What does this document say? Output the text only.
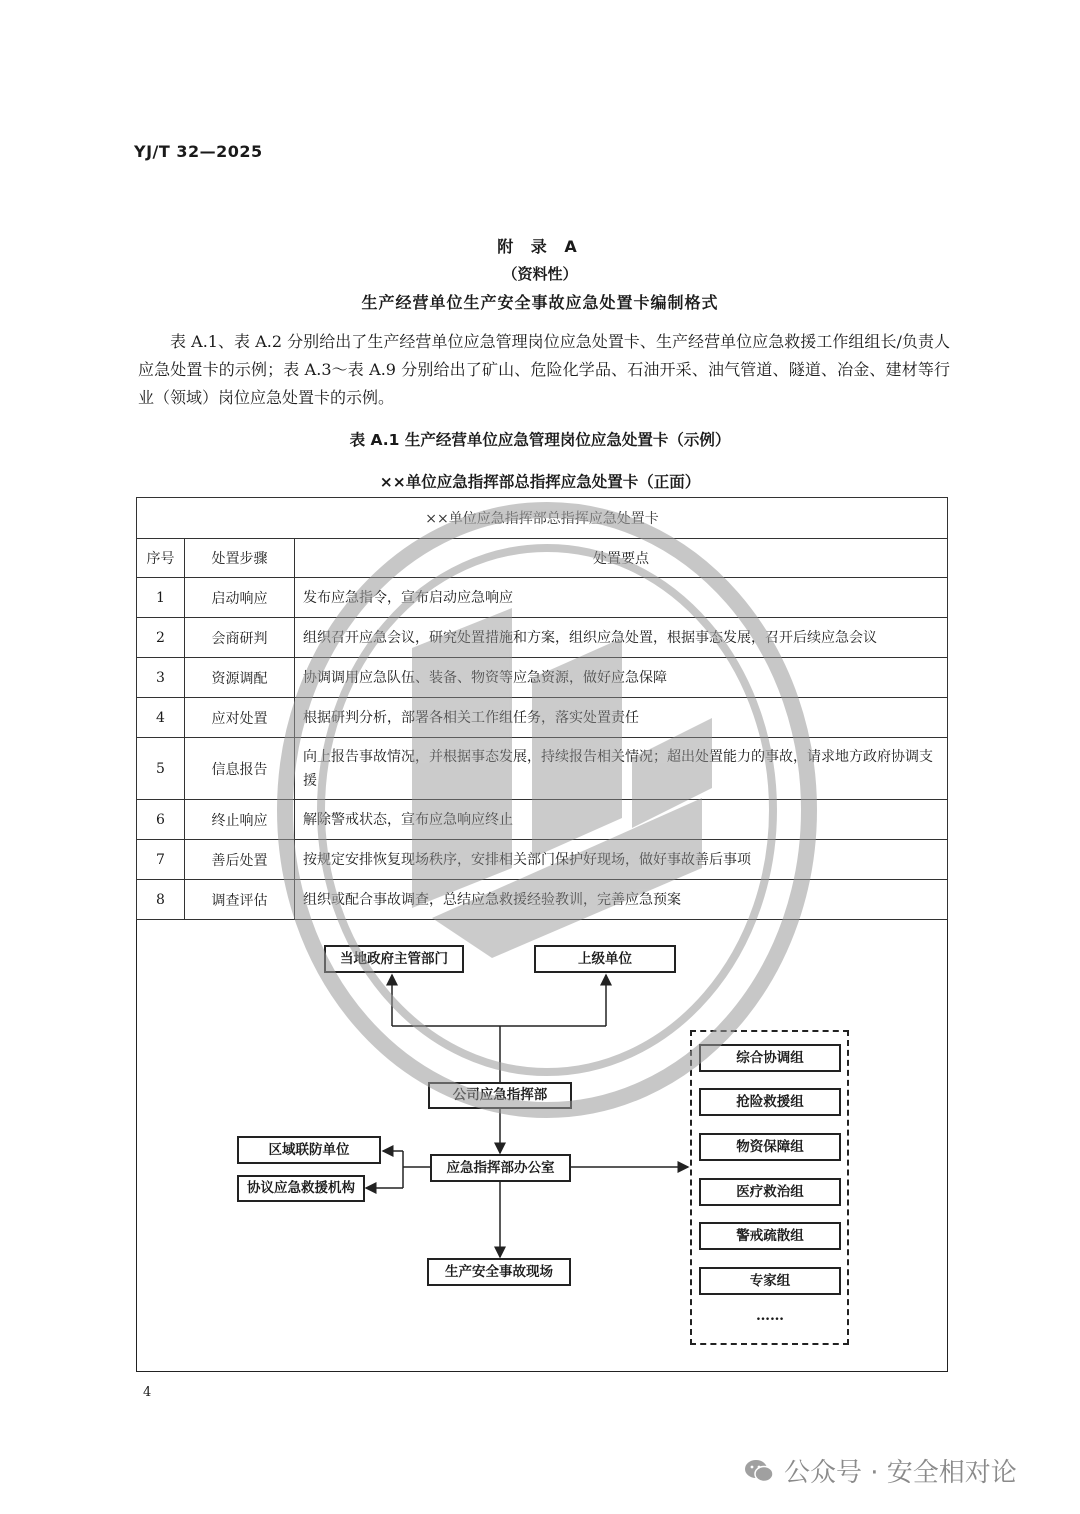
YJ/T 32—2025
附 录 A
（资料性）
生产经营单位生产安全事故应急处置卡编制格式
表 A.1、表 A.2 分别给出了生产经营单位应急管理岗位应急处置卡、生产经营单位应急救援工作组组长/负责人应急处置卡的示例；表 A.3～表 A.9 分别给出了矿山、危险化学品、石油开采、油气管道、隧道、冶金、建材等行业（领域）岗位应急处置卡的示例。
表 A.1 生产经营单位应急管理岗位应急处置卡（示例）
××单位应急指挥部总指挥应急处置卡（正面）
××单位应急指挥部总指挥应急处置卡		
序号	处置步骤	处置要点
1	启动响应	发布应急指令，宣布启动应急响应
2	会商研判	组织召开应急会议，研究处置措施和方案，组织应急处置，根据事态发展，召开后续应急会议
3	资源调配	协调调用应急队伍、装备、物资等应急资源，做好应急保障
4	应对处置	根据研判分析，部署各相关工作组任务，落实处置责任
5	信息报告	向上报告事故情况，并根据事态发展，持续报告相关情况；超出处置能力的事故，请求地方政府协调支援
6	终止响应	解除警戒状态，宣布应急响应终止
7	善后处置	按规定安排恢复现场秩序，安排相关部门保护好现场，做好事故善后事项
8	调查评估	组织或配合事故调查，总结应急救援经验教训，完善应急预案
当地政府主管部门	上级单位
公司应急指挥部
应急指挥部办公室
区域联防单位
协议应急救援机构
生产安全事故现场
综合协调组
抢险救援组
物资保障组
医疗救治组
警戒疏散组
专家组
……
4
公众号 · 安全相对论
